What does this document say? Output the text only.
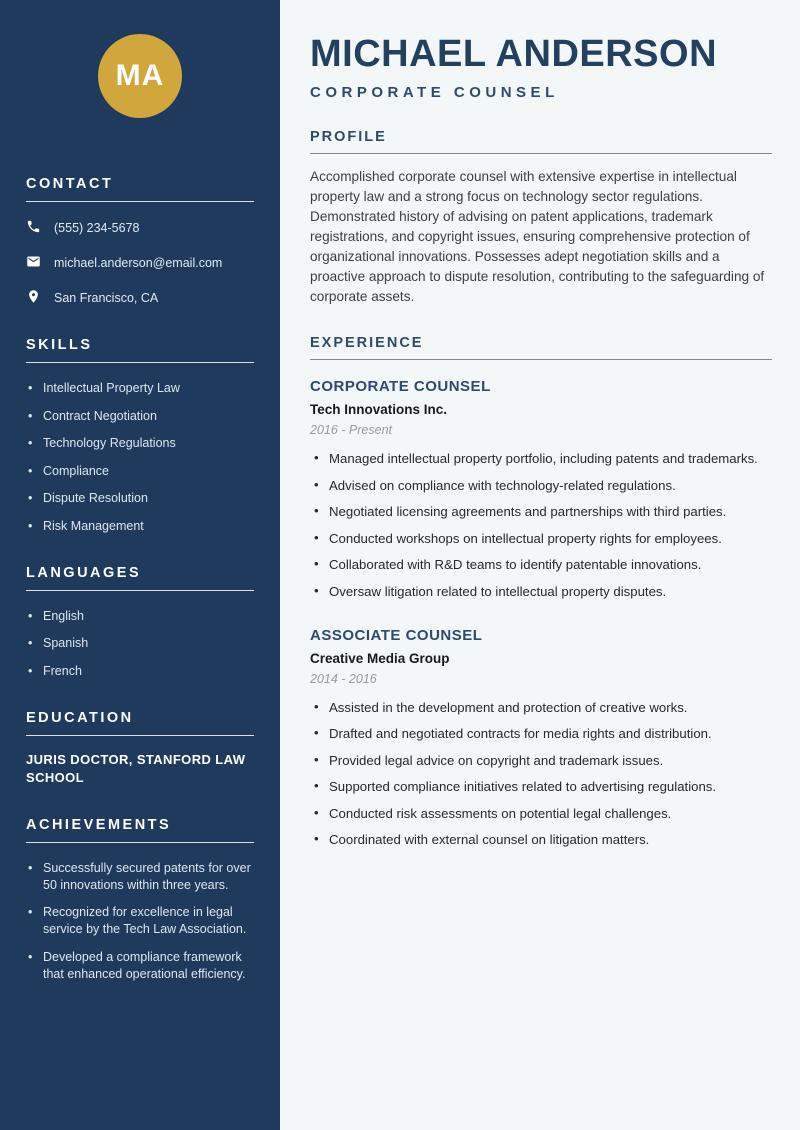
MA
CONTACT
(555) 234-5678
michael.anderson@email.com
San Francisco, CA
SKILLS
• Intellectual Property Law
• Contract Negotiation
• Technology Regulations
• Compliance
• Dispute Resolution
• Risk Management
LANGUAGES
• English
• Spanish
• French
EDUCATION
JURIS DOCTOR, STANFORD LAW SCHOOL
ACHIEVEMENTS
• Successfully secured patents for over 50 innovations within three years.
• Recognized for excellence in legal service by the Tech Law Association.
• Developed a compliance framework that enhanced operational efficiency.
MICHAEL ANDERSON
CORPORATE COUNSEL
PROFILE

Accomplished corporate counsel with extensive expertise in intellectual property law and a strong focus on technology sector regulations. Demonstrated history of advising on patent applications, trademark registrations, and copyright issues, ensuring comprehensive protection of organizational innovations. Possesses adept negotiation skills and a proactive approach to dispute resolution, contributing to the safeguarding of corporate assets.

EXPERIENCE
CORPORATE COUNSEL
Tech Innovations Inc.
2016 - Present
• Managed intellectual property portfolio, including patents and trademarks.
• Advised on compliance with technology-related regulations.
• Negotiated licensing agreements and partnerships with third parties.
• Conducted workshops on intellectual property rights for employees.
• Collaborated with R&D teams to identify patentable innovations.
• Oversaw litigation related to intellectual property disputes.
ASSOCIATE COUNSEL
Creative Media Group
2014 - 2016
• Assisted in the development and protection of creative works.
• Drafted and negotiated contracts for media rights and distribution.
• Provided legal advice on copyright and trademark issues.
• Supported compliance initiatives related to advertising regulations.
• Conducted risk assessments on potential legal challenges.
• Coordinated with external counsel on litigation matters.
